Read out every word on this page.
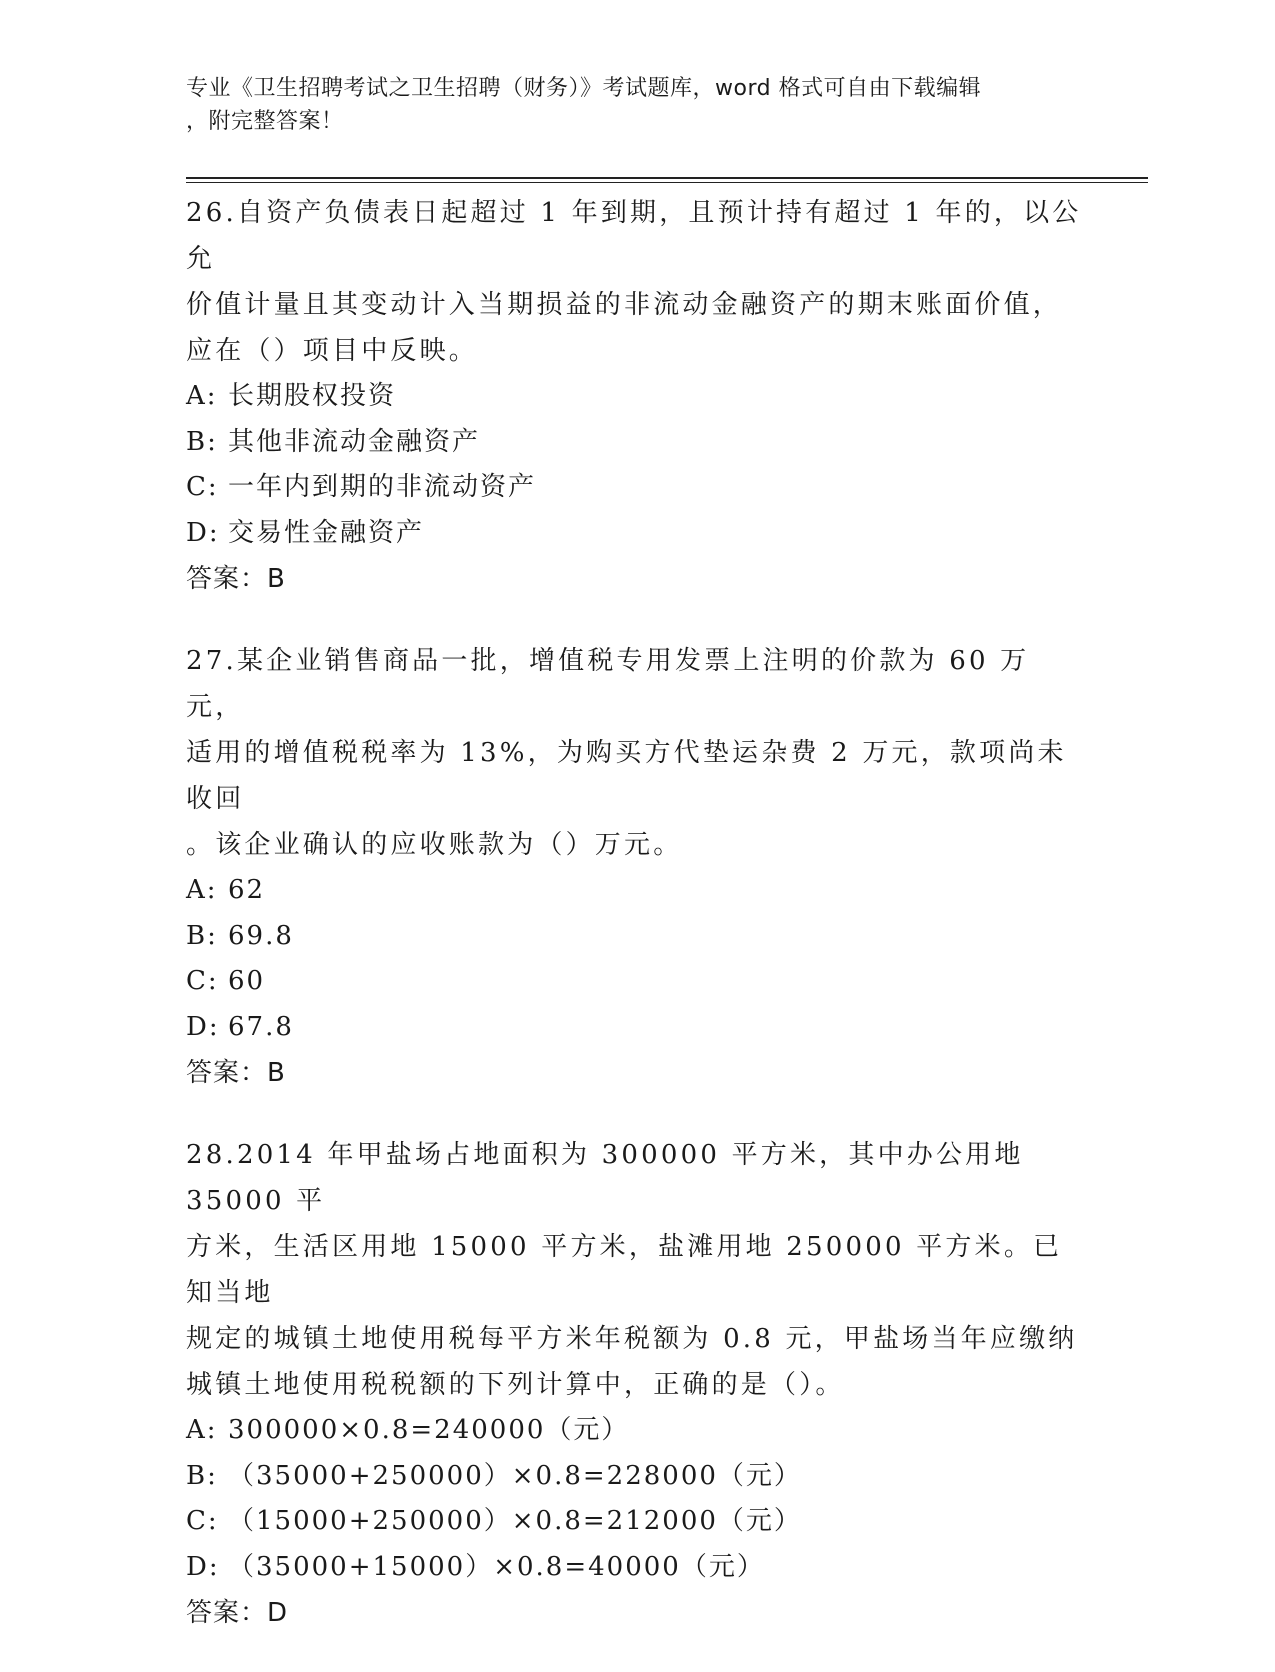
专业《卫生招聘考试之卫生招聘（财务）》考试题库，word 格式可自由下载编辑
，附完整答案！
26.自资产负债表日起超过 1 年到期，且预计持有超过 1 年的，以公允
价值计量且其变动计入当期损益的非流动金融资产的期末账面价值，
应在（）项目中反映。
A: 长期股权投资
B: 其他非流动金融资产
C: 一年内到期的非流动资产
D: 交易性金融资产
答案：B
27.某企业销售商品一批，增值税专用发票上注明的价款为 60 万元，
适用的增值税税率为 13%，为购买方代垫运杂费 2 万元，款项尚未收回
。该企业确认的应收账款为（）万元。
A: 62
B: 69.8
C: 60
D: 67.8
答案：B
28.2014 年甲盐场占地面积为 300000 平方米，其中办公用地 35000 平
方米，生活区用地 15000 平方米，盐滩用地 250000 平方米。已知当地
规定的城镇土地使用税每平方米年税额为 0.8 元，甲盐场当年应缴纳
城镇土地使用税税额的下列计算中，正确的是（）。
A: 300000×0.8=240000（元）
B: （35000+250000）×0.8=228000（元）
C: （15000+250000）×0.8=212000（元）
D: （35000+15000）×0.8=40000（元）
答案：D
